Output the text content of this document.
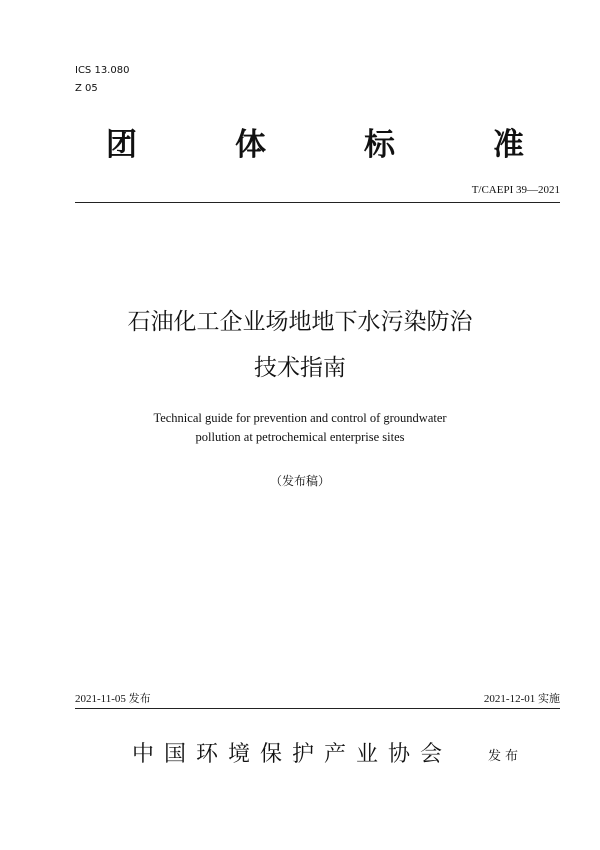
ICS 13.080
Z 05
团	体	标	准
T/CAEPI 39—2021
石油化工企业场地地下水污染防治
技术指南
Technical guide for prevention and control of groundwater
pollution at petrochemical enterprise sites
（发布稿）
2021-11-05 发布	2021-12-01 实施
中国环境保护产业协会	发布
